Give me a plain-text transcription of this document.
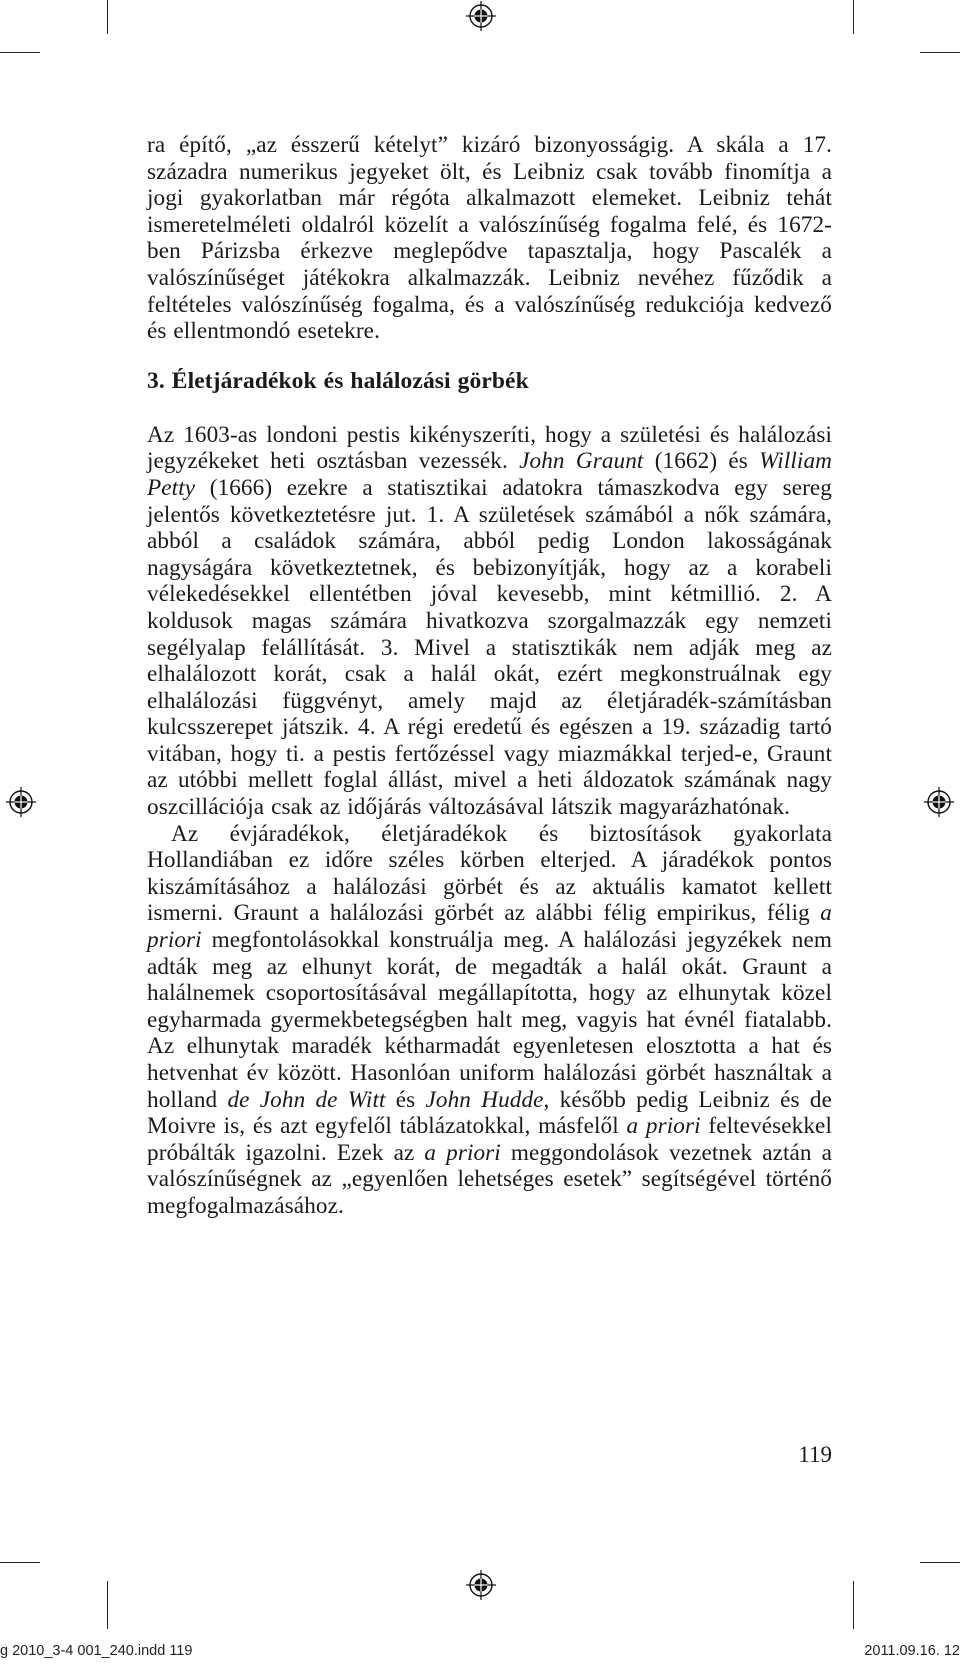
ra építő, „az ésszerű kételyt” kizáró bizonyosságig. A skála a 17. századra numerikus jegyeket ölt, és Leibniz csak tovább finomítja a jogi gyakorlatban már régóta alkalmazott elemeket. Leibniz tehát ismeretelméleti oldalról közelít a valószínűség fogalma felé, és 1672-ben Párizsba érkezve meglepődve tapasztalja, hogy Pascalék a valószínűséget játékokra alkalmazzák. Leibniz nevéhez fűződik a feltételes valószínűség fogalma, és a valószínűség redukciója kedvező és ellentmondó esetekre.

3. Életjáradékok és halálozási görbék

Az 1603-as londoni pestis kikényszeríti, hogy a születési és halálozási jegyzékeket heti osztásban vezessék. John Graunt (1662) és William Petty (1666) ezekre a statisztikai adatokra támaszkodva egy sereg jelentős következtetésre jut. 1. A születések számából a nők számára, abból a családok számára, abból pedig London lakosságának nagyságára következtetnek, és bebizonyítják, hogy az a korabeli vélekedésekkel ellentétben jóval kevesebb, mint kétmillió. 2. A koldusok magas számára hivatkozva szorgalmazzák egy nemzeti segélyalap felállítását. 3. Mivel a statisztikák nem adják meg az elhalálozott korát, csak a halál okát, ezért megkonstruálnak egy elhalálozási függvényt, amely majd az életjáradék-számításban kulcsszerepet játszik. 4. A régi eredetű és egészen a 19. századig tartó vitában, hogy ti. a pestis fertőzéssel vagy miazmákkal terjed-e, Graunt az utóbbi mellett foglal állást, mivel a heti áldozatok számának nagy oszcillációja csak az időjárás változásával látszik magyarázhatónak.

Az évjáradékok, életjáradékok és biztosítások gyakorlata Hollandiában ez időre széles körben elterjed. A járadékok pontos kiszámításához a halálozási görbét és az aktuális kamatot kellett ismerni. Graunt a halálozási görbét az alábbi félig empirikus, félig a priori megfontolásokkal konstruálja meg. A halálozási jegyzékek nem adták meg az elhunyt korát, de megadták a halál okát. Graunt a halálnemek csoportosításával megállapította, hogy az elhunytak közel egyharmada gyermekbetegségben halt meg, vagyis hat évnél fiatalabb. Az elhunytak maradék kétharmadát egyenletesen elosztotta a hat és hetvenhat év között. Hasonlóan uniform halálozási görbét használtak a holland de John de Witt és John Hudde, később pedig Leibniz és de Moivre is, és azt egyfelől táblázatokkal, másfelől a priori feltevésekkel próbálták igazolni. Ezek az a priori meggondolások vezetnek aztán a valószínűségnek az „egyenlően lehetséges esetek” segítségével történő megfogalmazásához.

119
g 2010_3-4 001_240.indd 119	2011.09.16. 12
